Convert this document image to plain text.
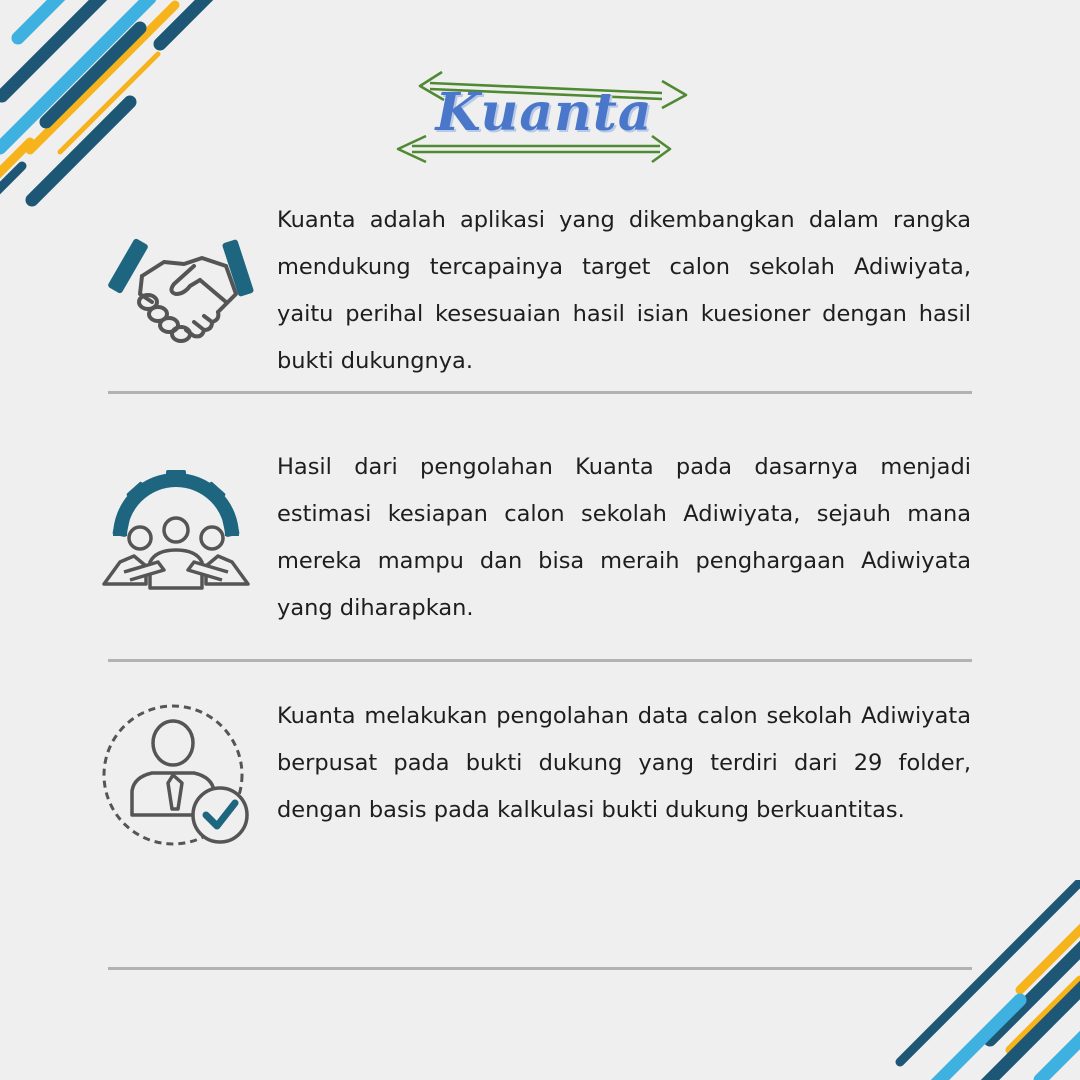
Kuanta

Kuanta adalah aplikasi yang dikembangkan dalam rangka mendukung tercapainya target calon sekolah Adiwiyata, yaitu perihal kesesuaian hasil isian kuesioner dengan hasil bukti dukungnya.

Hasil dari pengolahan Kuanta pada dasarnya menjadi estimasi kesiapan calon sekolah Adiwiyata, sejauh mana mereka mampu dan bisa meraih penghargaan Adiwiyata yang diharapkan.

Kuanta melakukan pengolahan data calon sekolah Adiwiyata berpusat pada bukti dukung yang terdiri dari 29 folder, dengan basis pada kalkulasi bukti dukung berkuantitas.
